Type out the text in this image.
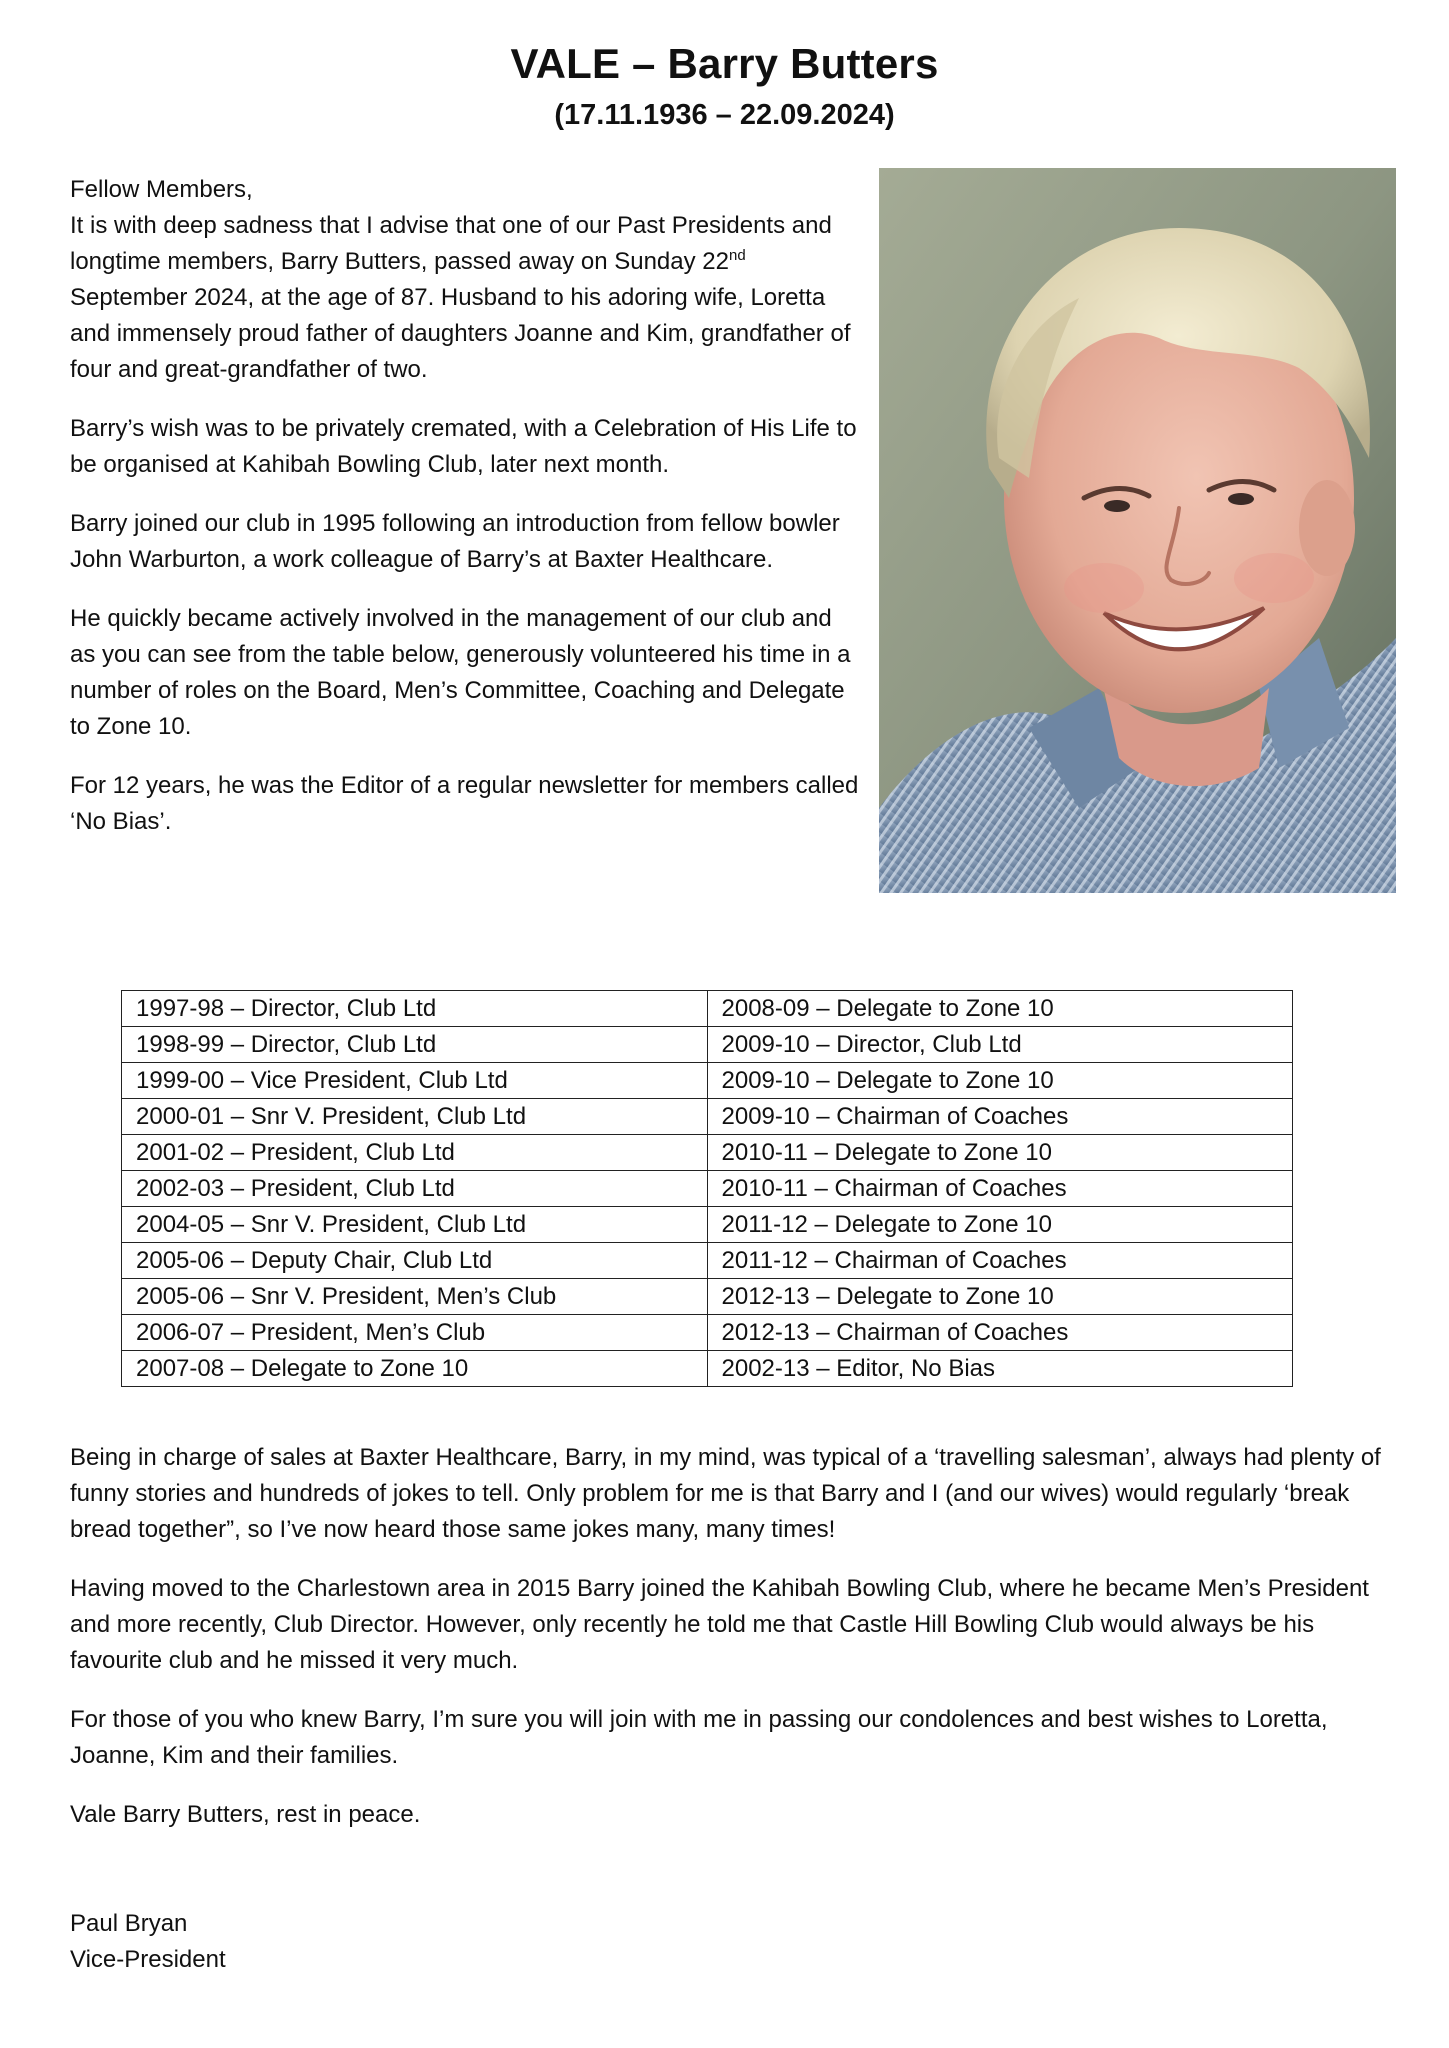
VALE – Barry Butters
(17.11.1936 – 22.09.2024)

Fellow Members,

It is with deep sadness that I advise that one of our Past Presidents and longtime members, Barry Butters, passed away on Sunday 22nd September 2024, at the age of 87. Husband to his adoring wife, Loretta and immensely proud father of daughters Joanne and Kim, grandfather of four and great-grandfather of two.

Barry’s wish was to be privately cremated, with a Celebration of His Life to be organised at Kahibah Bowling Club, later next month.

Barry joined our club in 1995 following an introduction from fellow bowler John Warburton, a work colleague of Barry’s at Baxter Healthcare.

He quickly became actively involved in the management of our club and as you can see from the table below, generously volunteered his time in a number of roles on the Board, Men’s Committee, Coaching and Delegate to Zone 10.

For 12 years, he was the Editor of a regular newsletter for members called ‘No Bias’.

1997-98 – Director, Club Ltd	2008-09 – Delegate to Zone 10
1998-99 – Director, Club Ltd	2009-10 – Director, Club Ltd
1999-00 – Vice President, Club Ltd	2009-10 – Delegate to Zone 10
2000-01 – Snr V. President, Club Ltd	2009-10 – Chairman of Coaches
2001-02 – President, Club Ltd	2010-11 – Delegate to Zone 10
2002-03 – President, Club Ltd	2010-11 – Chairman of Coaches
2004-05 – Snr V. President, Club Ltd	2011-12 – Delegate to Zone 10
2005-06 – Deputy Chair, Club Ltd	2011-12 – Chairman of Coaches
2005-06 – Snr V. President, Men’s Club	2012-13 – Delegate to Zone 10
2006-07 – President, Men’s Club	2012-13 – Chairman of Coaches
2007-08 – Delegate to Zone 10	2002-13 – Editor, No Bias

Being in charge of sales at Baxter Healthcare, Barry, in my mind, was typical of a ‘travelling salesman’, always had plenty of funny stories and hundreds of jokes to tell. Only problem for me is that Barry and I (and our wives) would regularly ‘break bread together”, so I’ve now heard those same jokes many, many times!

Having moved to the Charlestown area in 2015 Barry joined the Kahibah Bowling Club, where he became Men’s President and more recently, Club Director. However, only recently he told me that Castle Hill Bowling Club would always be his favourite club and he missed it very much.

For those of you who knew Barry, I’m sure you will join with me in passing our condolences and best wishes to Loretta, Joanne, Kim and their families.

Vale Barry Butters, rest in peace.

Paul Bryan
Vice-President
